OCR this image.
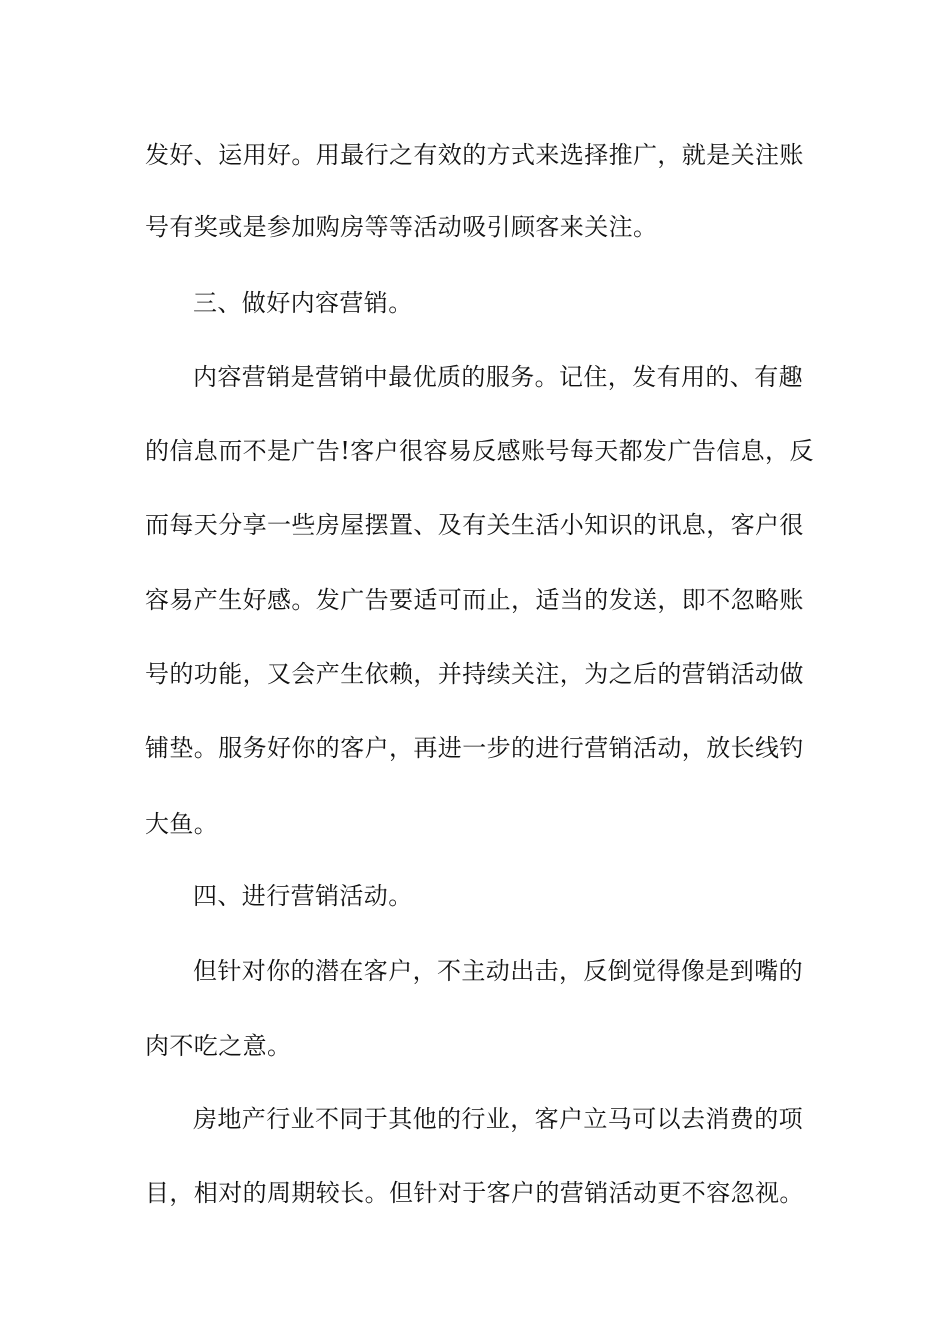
发好、运用好。用最行之有效的方式来选择推广，就是关注账
号有奖或是参加购房等等活动吸引顾客来关注。
三、做好内容营销。
内容营销是营销中最优质的服务。记住，发有用的、有趣
的信息而不是广告!客户很容易反感账号每天都发广告信息，反
而每天分享一些房屋摆置、及有关生活小知识的讯息，客户很
容易产生好感。发广告要适可而止，适当的发送，即不忽略账
号的功能，又会产生依赖，并持续关注，为之后的营销活动做
铺垫。服务好你的客户，再进一步的进行营销活动，放长线钓
大鱼。
四、进行营销活动。
但针对你的潜在客户，不主动出击，反倒觉得像是到嘴的
肉不吃之意。
房地产行业不同于其他的行业，客户立马可以去消费的项
目，相对的周期较长。但针对于客户的营销活动更不容忽视。
